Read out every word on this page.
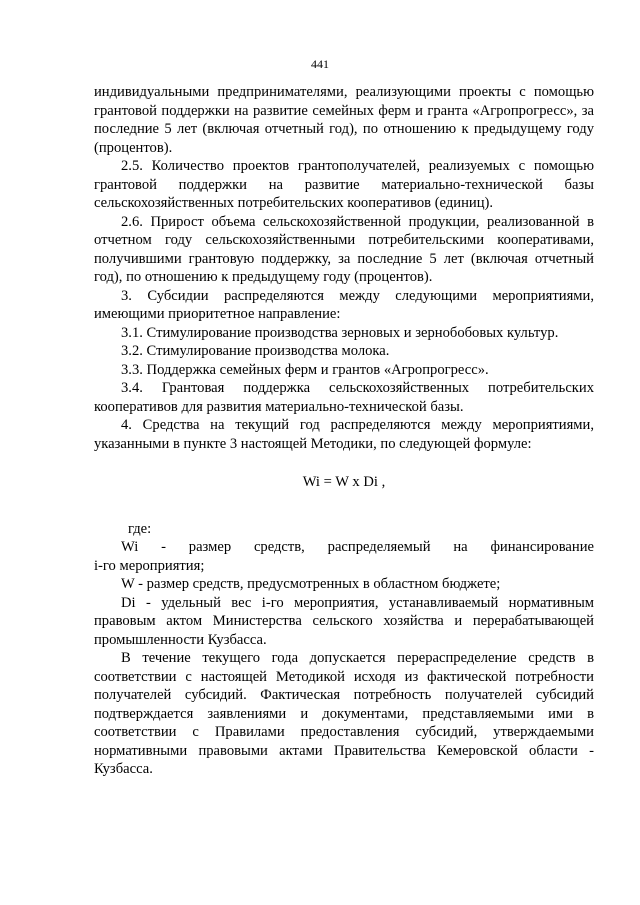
441

индивидуальными предпринимателями, реализующими проекты с помощью грантовой поддержки на развитие семейных ферм и гранта «Агропрогресс», за последние 5 лет (включая отчетный год), по отношению к предыдущему году (процентов).

2.5. Количество проектов грантополучателей, реализуемых с помощью грантовой поддержки на развитие материально-технической базы сельскохозяйственных потребительских кооперативов (единиц).

2.6. Прирост объема сельскохозяйственной продукции, реализованной в отчетном году сельскохозяйственными потребительскими кооперативами, получившими грантовую поддержку, за последние 5 лет (включая отчетный год), по отношению к предыдущему году (процентов).

3. Субсидии распределяются между следующими мероприятиями, имеющими приоритетное направление:

3.1. Стимулирование производства зерновых и зернобобовых культур.

3.2. Стимулирование производства молока.

3.3. Поддержка семейных ферм и грантов «Агропрогресс».

3.4. Грантовая поддержка сельскохозяйственных потребительских кооперативов для развития материально-технической базы.

4. Средства на текущий год распределяются между мероприятиями, указанными в пункте 3 настоящей Методики, по следующей формуле:

Wi = W x Di ,

где:

Wi - размер средств, распределяемый на финансирование

i-го мероприятия;

W - размер средств, предусмотренных в областном бюджете;

Di - удельный вес i-го мероприятия, устанавливаемый нормативным правовым актом Министерства сельского хозяйства и перерабатывающей промышленности Кузбасса.

В течение текущего года допускается перераспределение средств в соответствии с настоящей Методикой исходя из фактической потребности получателей субсидий. Фактическая потребность получателей субсидий подтверждается заявлениями и документами, представляемыми ими в соответствии с Правилами предоставления субсидий, утверждаемыми нормативными правовыми актами Правительства Кемеровской области - Кузбасса.
